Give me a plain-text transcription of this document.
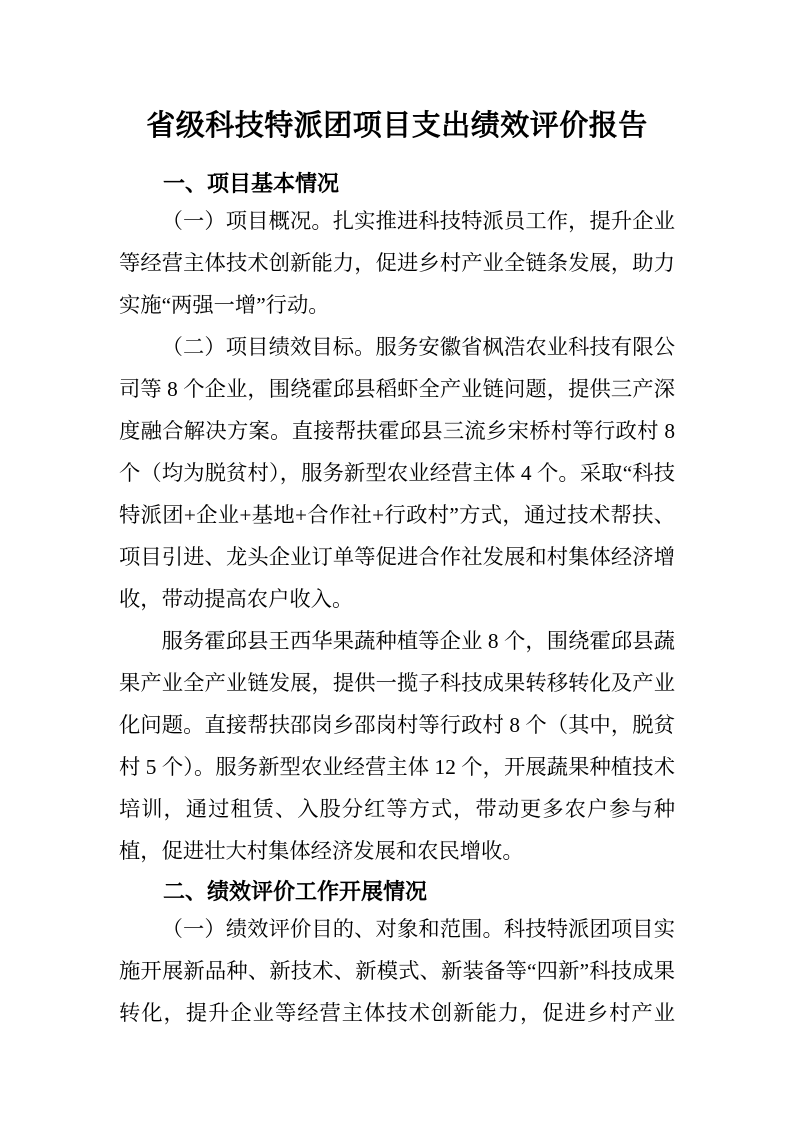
省级科技特派团项目支出绩效评价报告
一、项目基本情况

（一）项目概况。扎实推进科技特派员工作，提升企业等经营主体技术创新能力，促进乡村产业全链条发展，助力实施“两强一增”行动。

（二）项目绩效目标。服务安徽省枫浩农业科技有限公司等 8 个企业，围绕霍邱县稻虾全产业链问题，提供三产深度融合解决方案。直接帮扶霍邱县三流乡宋桥村等行政村 8 个（均为脱贫村），服务新型农业经营主体 4 个。采取“科技特派团+企业+基地+合作社+行政村”方式，通过技术帮扶、项目引进、龙头企业订单等促进合作社发展和村集体经济增收，带动提高农户收入。

服务霍邱县王西华果蔬种植等企业 8 个，围绕霍邱县蔬果产业全产业链发展，提供一揽子科技成果转移转化及产业化问题。直接帮扶邵岗乡邵岗村等行政村 8 个（其中，脱贫村 5 个）。服务新型农业经营主体 12 个，开展蔬果种植技术培训，通过租赁、入股分红等方式，带动更多农户参与种植，促进壮大村集体经济发展和农民增收。

二、绩效评价工作开展情况

（一）绩效评价目的、对象和范围。科技特派团项目实施开展新品种、新技术、新模式、新装备等“四新”科技成果转化，提升企业等经营主体技术创新能力，促进乡村产业
